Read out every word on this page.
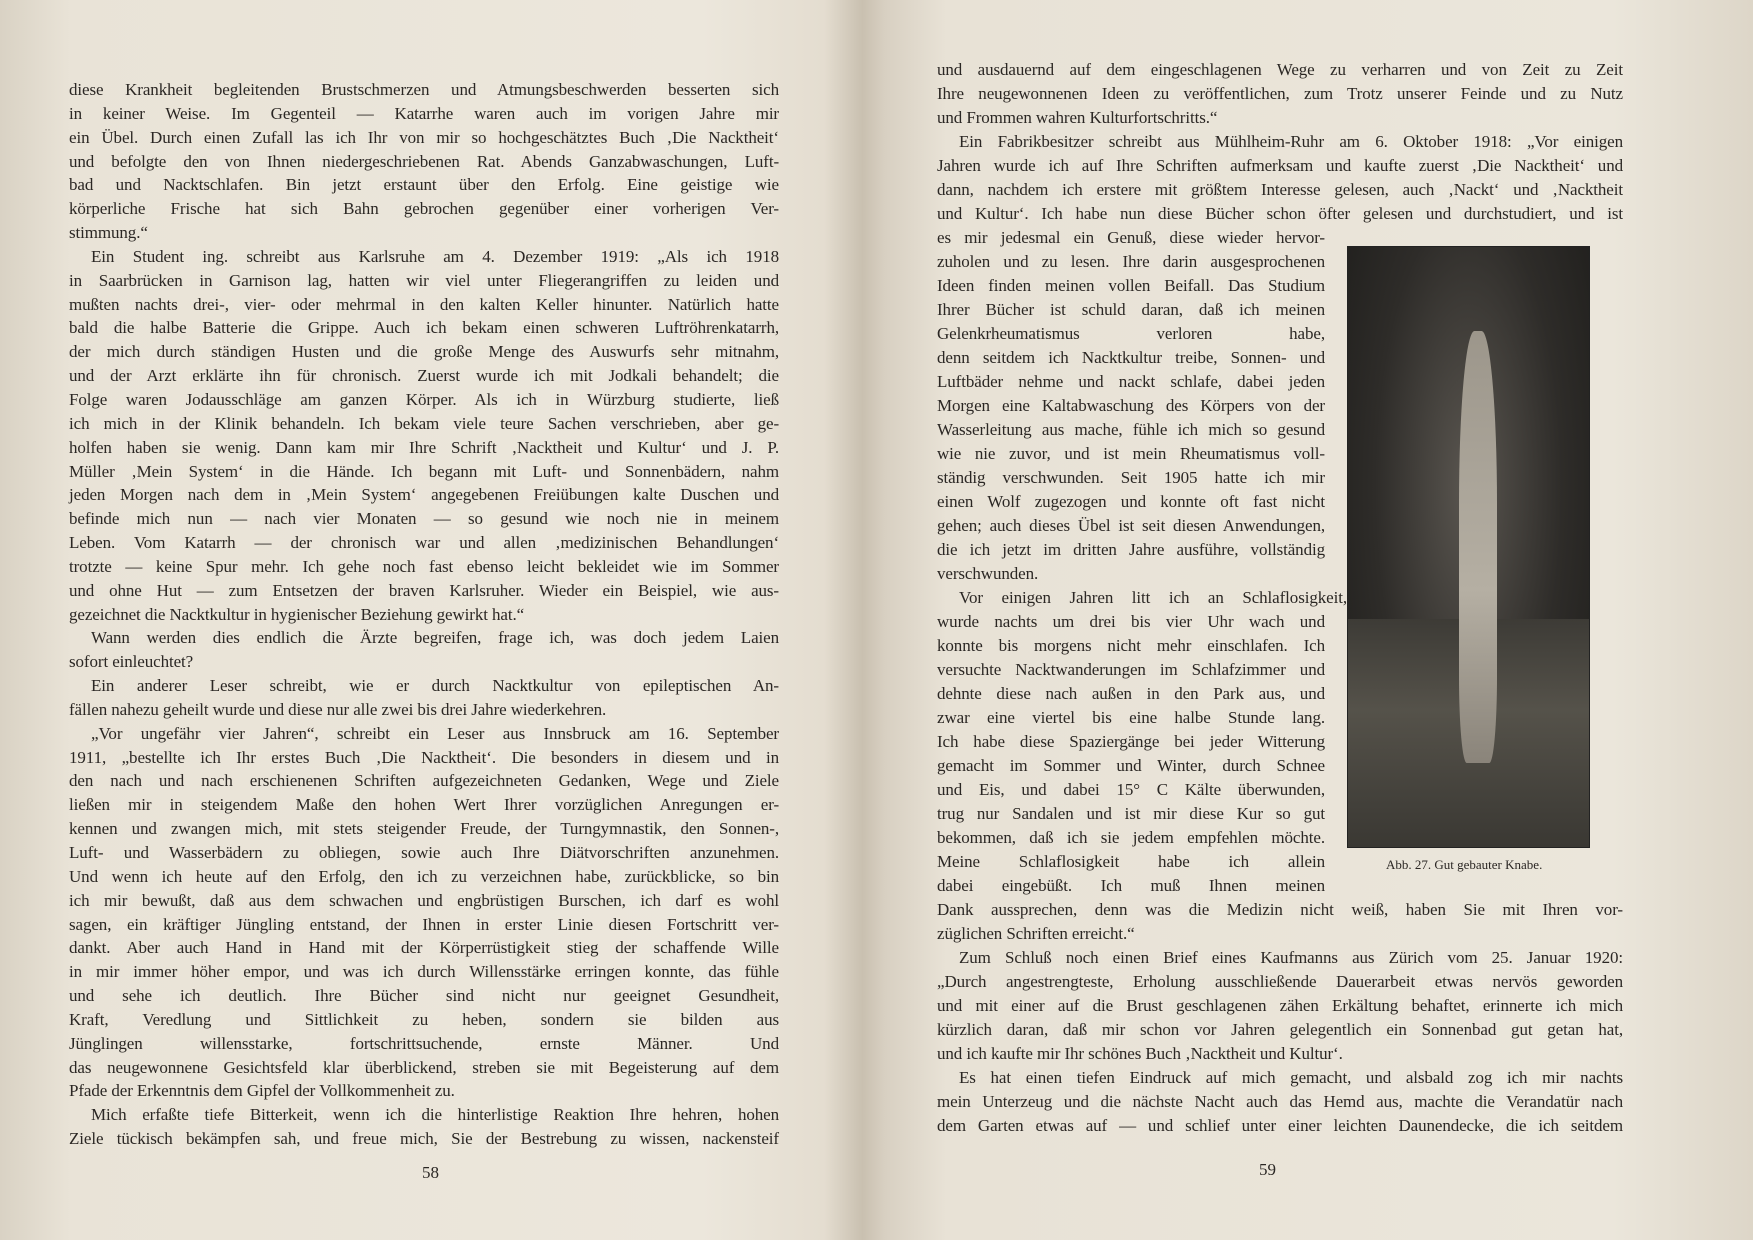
diese Krankheit begleitenden Brustschmerzen und Atmungsbeschwerden besserten sich
in keiner Weise. Im Gegenteil — Katarrhe waren auch im vorigen Jahre mir
ein Übel. Durch einen Zufall las ich Ihr von mir so hochgeschätztes Buch ‚Die Nacktheit‘
und befolgte den von Ihnen niedergeschriebenen Rat. Abends Ganzabwaschungen, Luft-
bad und Nacktschlafen. Bin jetzt erstaunt über den Erfolg. Eine geistige wie
körperliche Frische hat sich Bahn gebrochen gegenüber einer vorherigen Ver-
stimmung.“
Ein Student ing. schreibt aus Karlsruhe am 4. Dezember 1919: „Als ich 1918
in Saarbrücken in Garnison lag, hatten wir viel unter Fliegerangriffen zu leiden und
mußten nachts drei-, vier- oder mehrmal in den kalten Keller hinunter. Natürlich hatte
bald die halbe Batterie die Grippe. Auch ich bekam einen schweren Luftröhrenkatarrh,
der mich durch ständigen Husten und die große Menge des Auswurfs sehr mitnahm,
und der Arzt erklärte ihn für chronisch. Zuerst wurde ich mit Jodkali behandelt; die
Folge waren Jodausschläge am ganzen Körper. Als ich in Würzburg studierte, ließ
ich mich in der Klinik behandeln. Ich bekam viele teure Sachen verschrieben, aber ge-
holfen haben sie wenig. Dann kam mir Ihre Schrift ‚Nacktheit und Kultur‘ und J. P.
Müller ‚Mein System‘ in die Hände. Ich begann mit Luft- und Sonnenbädern, nahm
jeden Morgen nach dem in ‚Mein System‘ angegebenen Freiübungen kalte Duschen und
befinde mich nun — nach vier Monaten — so gesund wie noch nie in meinem
Leben. Vom Katarrh — der chronisch war und allen ‚medizinischen Behandlungen‘
trotzte — keine Spur mehr. Ich gehe noch fast ebenso leicht bekleidet wie im Sommer
und ohne Hut — zum Entsetzen der braven Karlsruher. Wieder ein Beispiel, wie aus-
gezeichnet die Nacktkultur in hygienischer Beziehung gewirkt hat.“
Wann werden dies endlich die Ärzte begreifen, frage ich, was doch jedem Laien
sofort einleuchtet?
Ein anderer Leser schreibt, wie er durch Nacktkultur von epileptischen An-
fällen nahezu geheilt wurde und diese nur alle zwei bis drei Jahre wiederkehren.
„Vor ungefähr vier Jahren“, schreibt ein Leser aus Innsbruck am 16. September
1911, „bestellte ich Ihr erstes Buch ‚Die Nacktheit‘. Die besonders in diesem und in
den nach und nach erschienenen Schriften aufgezeichneten Gedanken, Wege und Ziele
ließen mir in steigendem Maße den hohen Wert Ihrer vorzüglichen Anregungen er-
kennen und zwangen mich, mit stets steigender Freude, der Turngymnastik, den Sonnen-,
Luft- und Wasserbädern zu obliegen, sowie auch Ihre Diätvorschriften anzunehmen.
Und wenn ich heute auf den Erfolg, den ich zu verzeichnen habe, zurückblicke, so bin
ich mir bewußt, daß aus dem schwachen und engbrüstigen Burschen, ich darf es wohl
sagen, ein kräftiger Jüngling entstand, der Ihnen in erster Linie diesen Fortschritt ver-
dankt. Aber auch Hand in Hand mit der Körperrüstigkeit stieg der schaffende Wille
in mir immer höher empor, und was ich durch Willensstärke erringen konnte, das fühle
und sehe ich deutlich. Ihre Bücher sind nicht nur geeignet Gesundheit,
Kraft, Veredlung und Sittlichkeit zu heben, sondern sie bilden aus
Jünglingen willensstarke, fortschrittsuchende, ernste Männer. Und
das neugewonnene Gesichtsfeld klar überblickend, streben sie mit Begeisterung auf dem
Pfade der Erkenntnis dem Gipfel der Vollkommenheit zu.
Mich erfaßte tiefe Bitterkeit, wenn ich die hinterlistige Reaktion Ihre hehren, hohen
Ziele tückisch bekämpfen sah, und freue mich, Sie der Bestrebung zu wissen, nackensteif
und ausdauernd auf dem eingeschlagenen Wege zu verharren und von Zeit zu Zeit
Ihre neugewonnenen Ideen zu veröffentlichen, zum Trotz unserer Feinde und zu Nutz
und Frommen wahren Kulturfortschritts.“
Ein Fabrikbesitzer schreibt aus Mühlheim-Ruhr am 6. Oktober 1918: „Vor einigen
Jahren wurde ich auf Ihre Schriften aufmerksam und kaufte zuerst ‚Die Nacktheit‘ und
dann, nachdem ich erstere mit größtem Interesse gelesen, auch ‚Nackt‘ und ‚Nacktheit
und Kultur‘. Ich habe nun diese Bücher schon öfter gelesen und durchstudiert, und ist
es mir jedesmal ein Genuß, diese wieder hervor-
zuholen und zu lesen. Ihre darin ausgesprochenen
Ideen finden meinen vollen Beifall. Das Studium
Ihrer Bücher ist schuld daran, daß ich meinen
Gelenkrheumatismus verloren habe,
denn seitdem ich Nacktkultur treibe, Sonnen- und
Luftbäder nehme und nackt schlafe, dabei jeden
Morgen eine Kaltabwaschung des Körpers von der
Wasserleitung aus mache, fühle ich mich so gesund
wie nie zuvor, und ist mein Rheumatismus voll-
ständig verschwunden. Seit 1905 hatte ich mir
einen Wolf zugezogen und konnte oft fast nicht
gehen; auch dieses Übel ist seit diesen Anwendungen,
die ich jetzt im dritten Jahre ausführe, vollständig
verschwunden.
Vor einigen Jahren litt ich an Schlaflosigkeit,
wurde nachts um drei bis vier Uhr wach und
konnte bis morgens nicht mehr einschlafen. Ich
versuchte Nacktwanderungen im Schlafzimmer und
dehnte diese nach außen in den Park aus, und
zwar eine viertel bis eine halbe Stunde lang.
Ich habe diese Spaziergänge bei jeder Witterung
gemacht im Sommer und Winter, durch Schnee
und Eis, und dabei 15° C Kälte überwunden,
trug nur Sandalen und ist mir diese Kur so gut
bekommen, daß ich sie jedem empfehlen möchte.
Meine Schlaflosigkeit habe ich allein
dabei eingebüßt. Ich muß Ihnen meinen
Dank aussprechen, denn was die Medizin nicht weiß, haben Sie mit Ihren vor-
züglichen Schriften erreicht.“
Zum Schluß noch einen Brief eines Kaufmanns aus Zürich vom 25. Januar 1920:
„Durch angestrengteste, Erholung ausschließende Dauerarbeit etwas nervös geworden
und mit einer auf die Brust geschlagenen zähen Erkältung behaftet, erinnerte ich mich
kürzlich daran, daß mir schon vor Jahren gelegentlich ein Sonnenbad gut getan hat,
und ich kaufte mir Ihr schönes Buch ‚Nacktheit und Kultur‘.
Es hat einen tiefen Eindruck auf mich gemacht, und alsbald zog ich mir nachts
mein Unterzeug und die nächste Nacht auch das Hemd aus, machte die Verandatür nach
dem Garten etwas auf — und schlief unter einer leichten Daunendecke, die ich seitdem
Abb. 27. Gut gebauter Knabe.
58	59
